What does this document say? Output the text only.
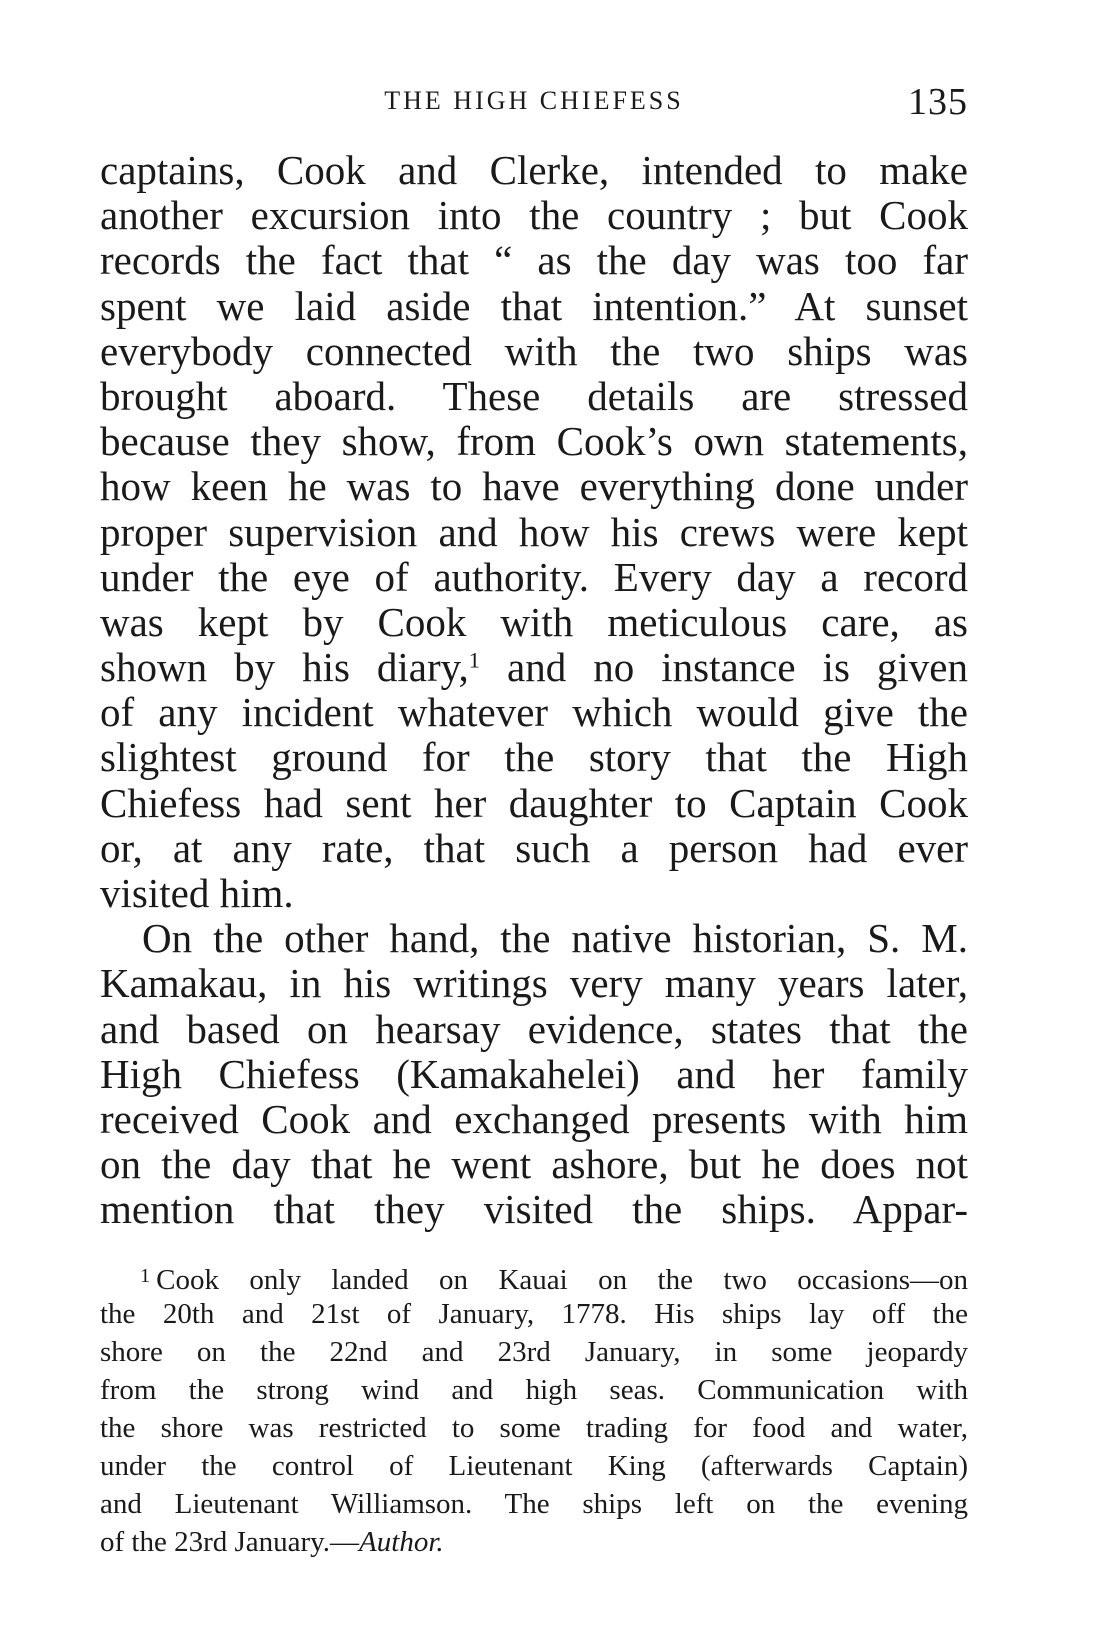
THE HIGH CHIEFESS	135
captains, Cook and Clerke, intended to make
another excursion into the country ; but Cook
records the fact that “ as the day was too far
spent we laid aside that intention.” At sunset
everybody connected with the two ships was
brought aboard. These details are stressed
because they show, from Cook’s own statements,
how keen he was to have everything done under
proper supervision and how his crews were kept
under the eye of authority. Every day a record
was kept by Cook with meticulous care, as
shown by his diary,$^1$ and no instance is given
of any incident whatever which would give the
slightest ground for the story that the High
Chiefess had sent her daughter to Captain Cook
or, at any rate, that such a person had ever
visited him.
On the other hand, the native historian, S. M.
Kamakau, in his writings very many years later,
and based on hearsay evidence, states that the
High Chiefess (Kamakahelei) and her family
received Cook and exchanged presents with him
on the day that he went ashore, but he does not
mention that they visited the ships. Appar-
$^1$ Cook only landed on Kauai on the two occasions—on
the 20th and 21st of January, 1778. His ships lay off the
shore on the 22nd and 23rd January, in some jeopardy
from the strong wind and high seas. Communication with
the shore was restricted to some trading for food and water,
under the control of Lieutenant King (afterwards Captain)
and Lieutenant Williamson. The ships left on the evening
of the 23rd January.—Author.
